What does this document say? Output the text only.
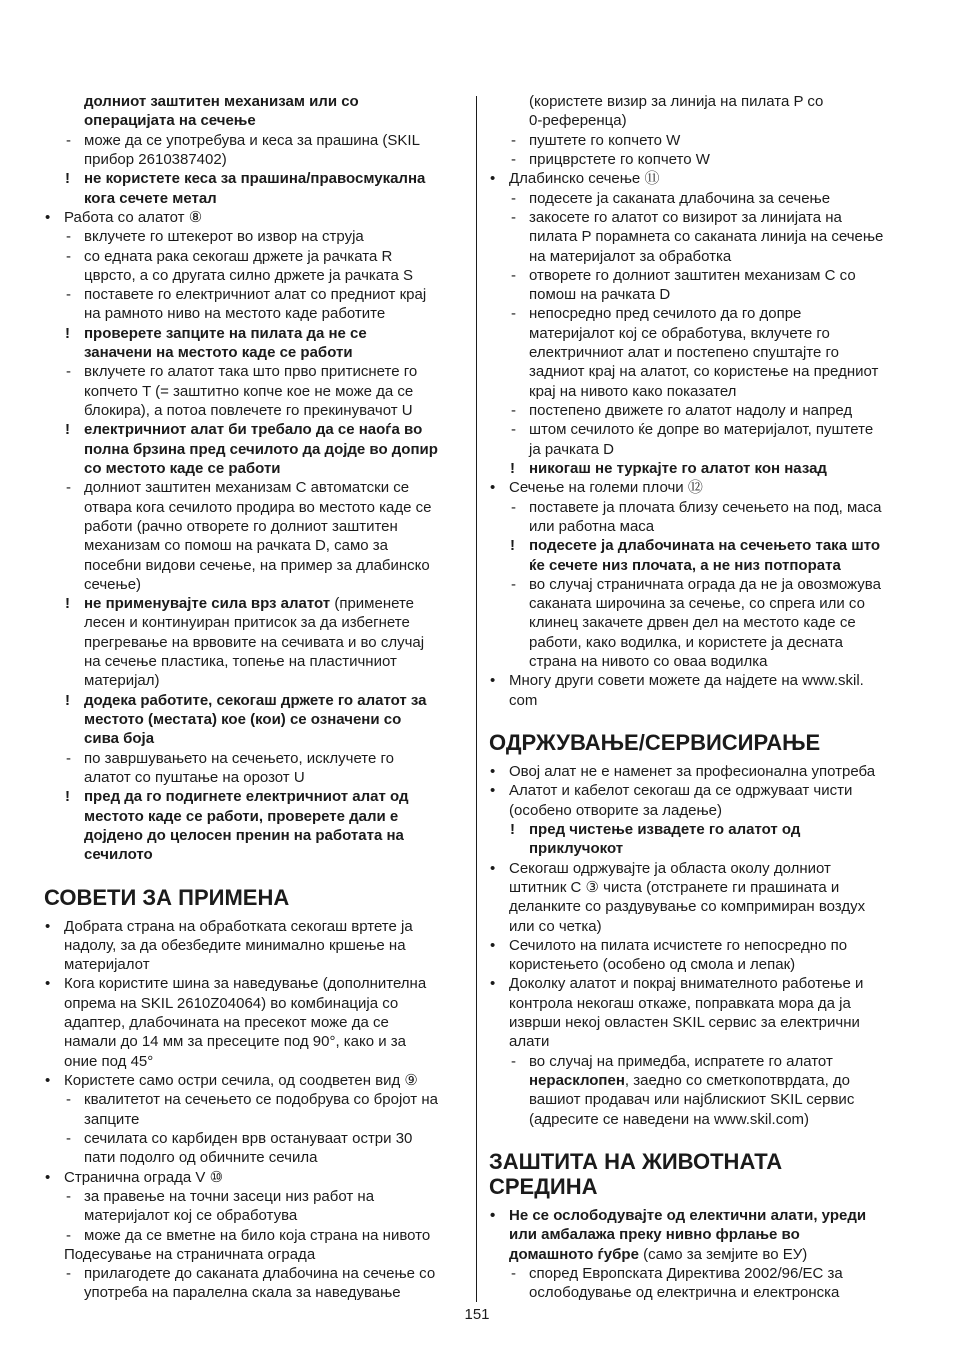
долниот заштитен механизам или со
операцијата на сечење
- може да се употребува и кеса за прашина (SKIL
прибор 2610387402)
! не користете кеса за прашина/правосмукална
кога сечете метал
• Работа со алатот ⑧
- вклучете го штекерот во извор на струја
- со едната рака секогаш држете ја рачката R
цврсто, а со другата силно држете ја рачката S
- поставете го електричниот алат со предниот крај
на рамното ниво на местото каде работите
! проверете запците на пилата да не се
заначени на местото каде се работи
- вклучете го алатот така што прво притиснете го
копчето T (= заштитно копче кое не може да се
блокира), а потоа повлечете го прекинувачот U
! електричниот алат би требало да се наоѓа во
полна брзина пред сечилото да дојде во допир
со местото каде се работи
- долниот заштитен механизам C автоматски се
отвара кога сечилото продира во местото каде се
работи (рачно отворете го долниот заштитен
механизам со помош на рачката D, само за
посебни видови сечење, на пример за длабинско
сечење)
! не применувајте сила врз алатот (применете
лесен и континуиран притисок за да избегнете
прегревање на врвовите на сечивата и во случај
на сечење пластика, топење на пластичниот
материјал)
! додека работите, секогаш држете го алатот за
местото (местата) кое (кои) се означени со
сива боја
- по завршувањето на сечењето, исклучете го
алатот со пуштање на орозот U
! пред да го подигнете електричниот алат од
местото каде се работи, проверете дали е
дојдено до целосен пренин на работата на
сечилото
СОВЕТИ ЗА ПРИМЕНА
• Добрата страна на обработката секогаш вртете ја
надолу, за да обезбедите минимално кршење на
материјалот
• Кога користите шина за наведување (дополнителна
опрема на SKIL 2610Z04064) во комбинација со
адаптер, длабочината на пресекот може да се
намали до 14 мм за пресеците под 90°, како и за
оние под 45°
• Користете само остри сечила, од соодветен вид ⑨
- квалитетот на сечењето се подобрува со бројот на
запците
- сечилата со карбиден врв остануваат остри 30
пати подолго од обичните сечила
• Странична ограда V ⑩
- за правење на точни засеци низ работ на
материјалот кој се обработува
- може да се вметне на било која страна на нивото
Подесување на страничната ограда
- прилагодете до саканата длабочина на сечење со
употреба на паралелна скала за наведување
(користете визир за линија на пилата P со
0-референца)
- пуштете го копчето W
- прицврстете го копчето W
• Длабинско сечење ⑪
- подесете ја саканата длабочина за сечење
- закосете го алатот со визирот за линијата на
пилата P порамнета со саканата линија на сечење
на материјалот за обработка
- отворете го долниот заштитен механизам C со
помош на рачката D
- непосредно пред сечилото да го допре
материјалот кој се обработува, вклучете го
електричниот алат и постепено спуштајте го
задниот крај на алатот, со користење на предниот
крај на нивото како показател
- постепено движете го алатот надолу и напред
- штом сечилото ќе допре во материјалот, пуштете
ја рачката D
! никогаш не туркајте го алатот кон назад
• Сечење на големи плочи ⑫
- поставете ја плочата близу сечењето на под, маса
или работна маса
! подесете ја длабочината на сечењето така што
ќе сечете низ плочата, а не низ потпората
- во случај страничната ограда да не ја овозможува
саканата широчина за сечење, со спрега или со
клинец закачете дрвен дел на местото каде се
работи, како водилка, и користете ја десната
страна на нивото со оваа водилка
• Многу други совети можете да најдете на www.skil.
com
ОДРЖУВАЊЕ/СЕРВИСИРАЊЕ
• Овој алат не е наменет за професионална употреба
• Алатот и кабелот секогаш да се одржуваат чисти
(особено отворите за ладење)
! пред чистење извадете го алатот од
приклучокот
• Секогаш одржувајте ја областа околу долниот
штитник C ③ чиста (отстранете ги прашината и
деланките со раздувување со компримиран воздух
или со четка)
• Сечилото на пилата исчистете го непосредно по
користењето (особено од смола и лепак)
• Доколку алатот и покрај внимателното работење и
контрола некогаш откаже, поправката мора да ја
изврши некој овластен SKIL сервис за електрични
алати
- во случај на примедба, испратете го алатот
нерасклопен, заедно со сметкопотврдата, до
вашиот продавач или најблискиот SKIL сервис
(адресите се наведени на www.skil.com)
ЗАШТИТА НА ЖИВОТНАТА
СРЕДИНА
• Не се ослободувајте од електични алати, уреди
или амбалажа преку нивно фрлање во
домашното ѓубре (само за земјите во ЕУ)
- според Европската Директива 2002/96/EC за
ослободување од електрична и електронска
151
